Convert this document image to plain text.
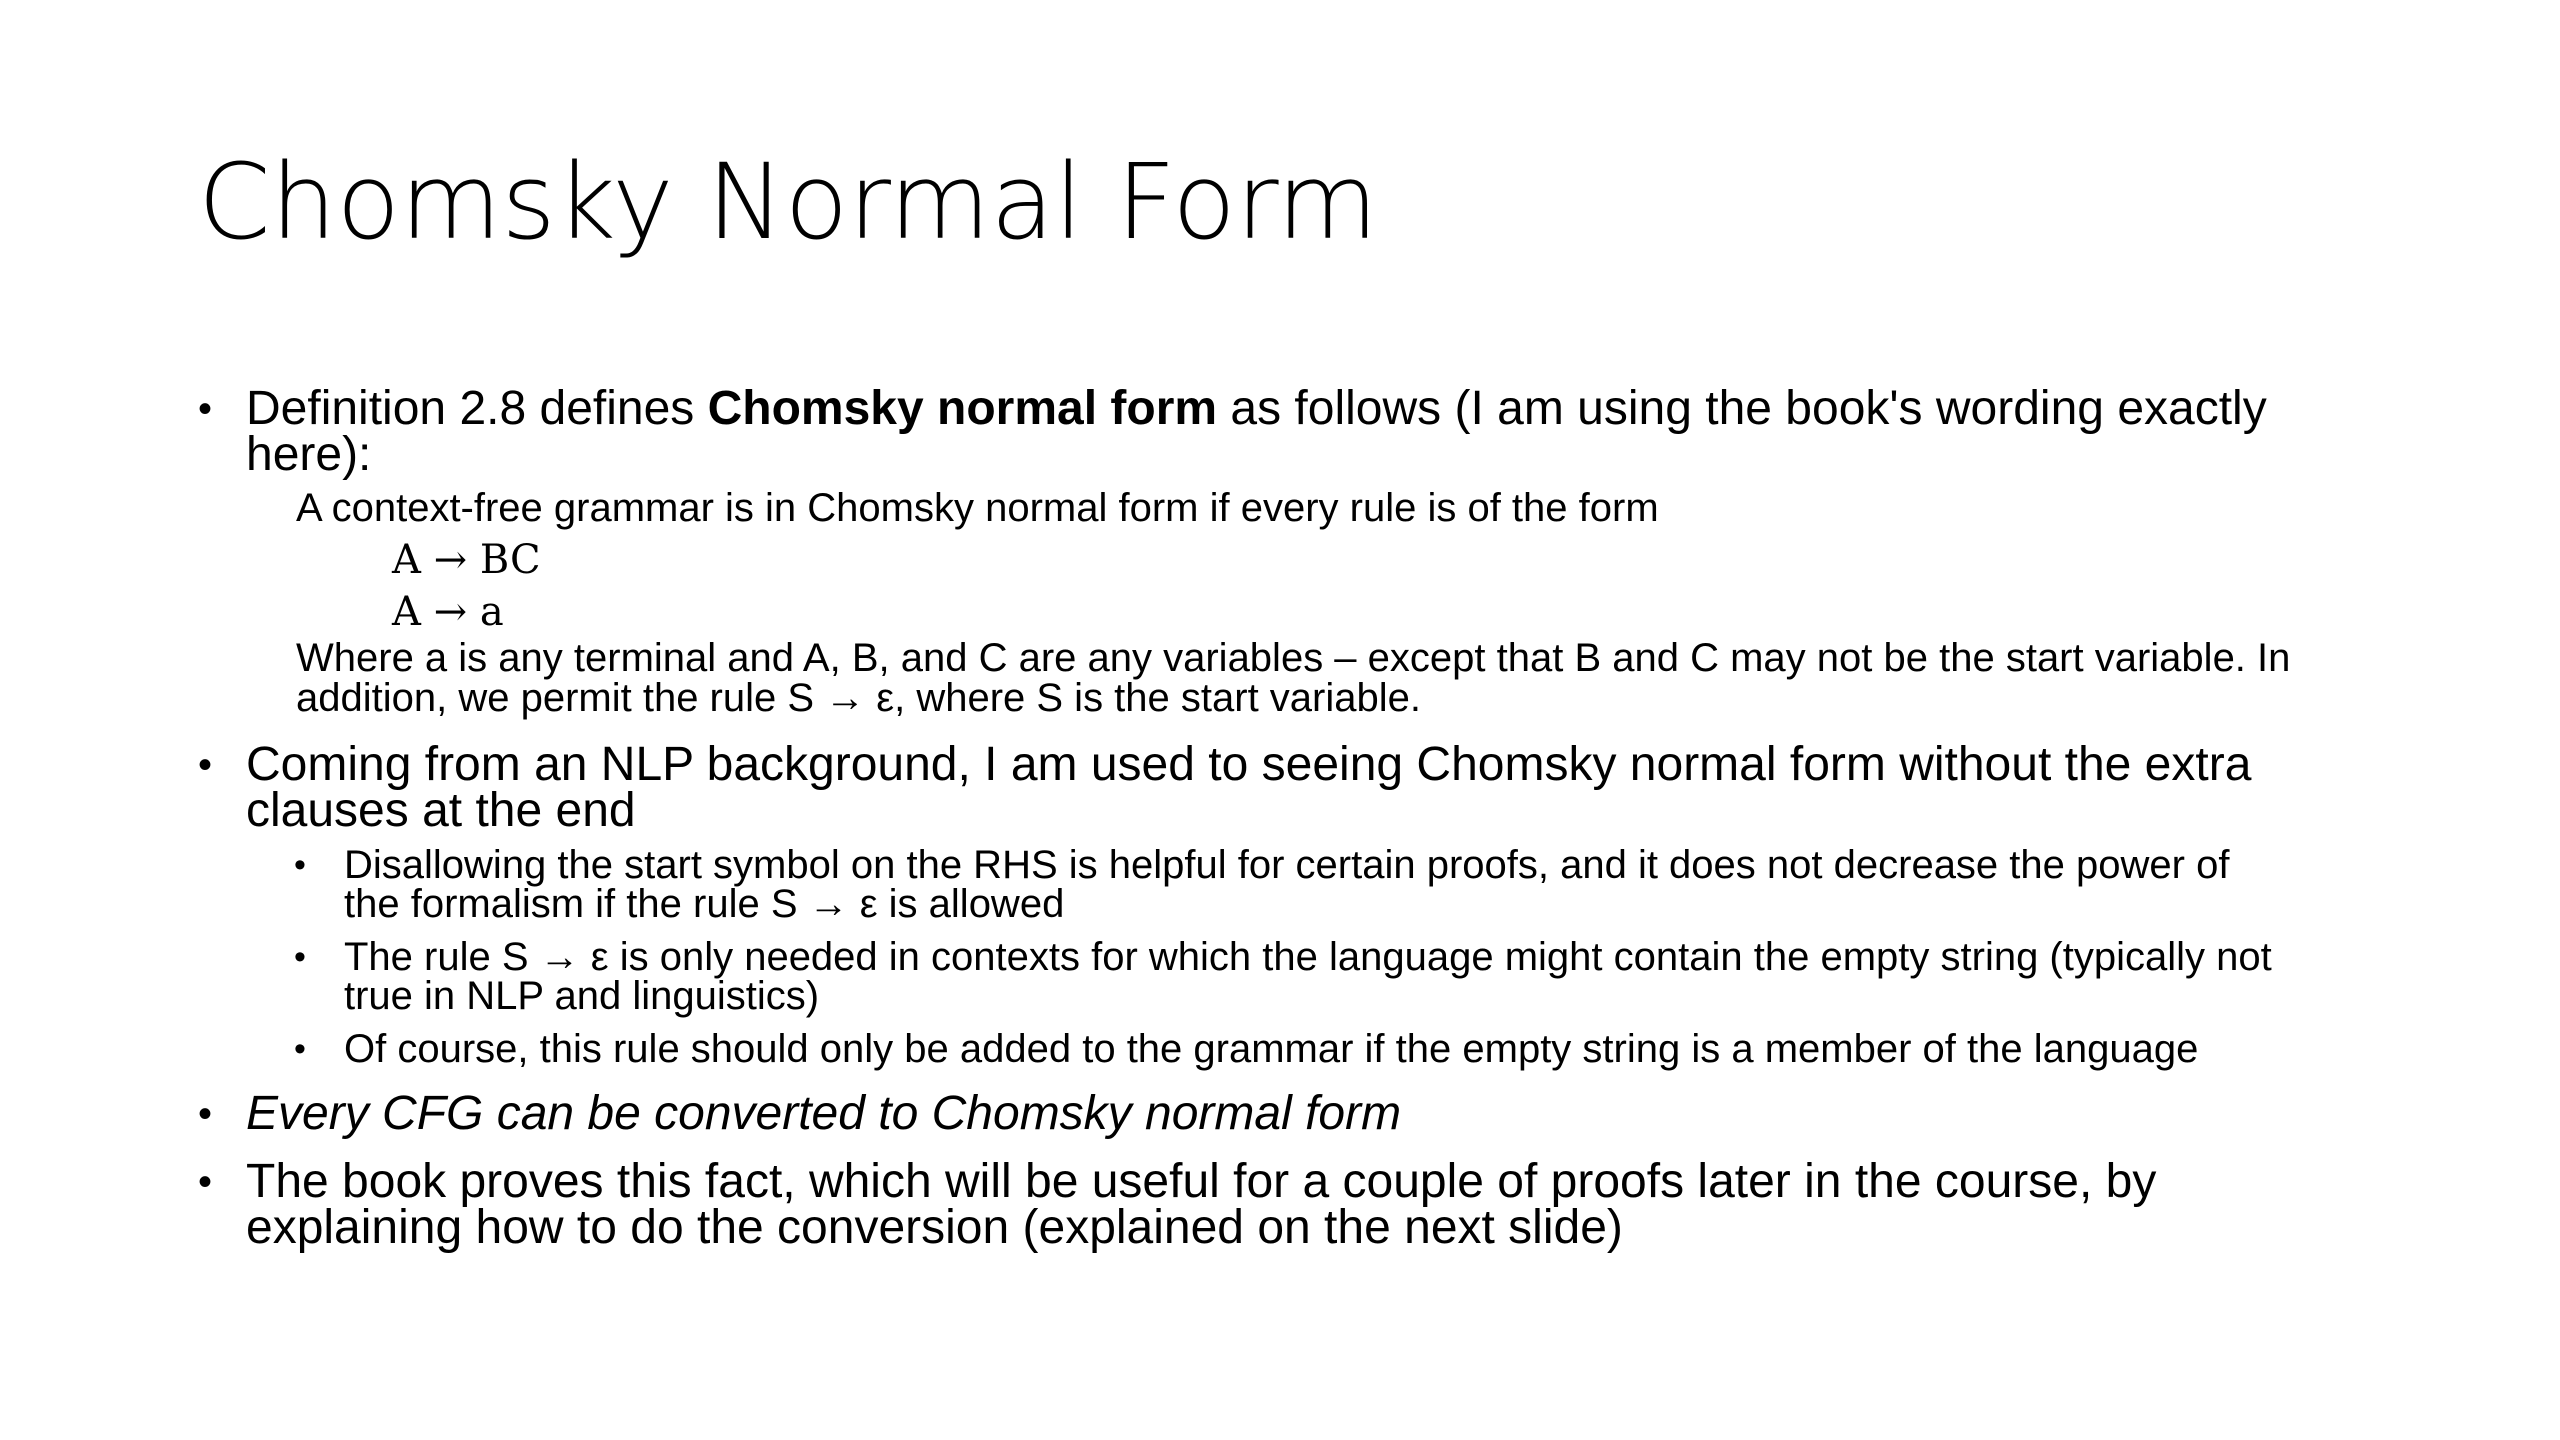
Chomsky Normal Form
• Definition 2.8 defines Chomsky normal form as follows (I am using the book's wording exactly
here):
A context-free grammar is in Chomsky normal form if every rule is of the form
A → BC
A → a
Where a is any terminal and A, B, and C are any variables – except that B and C may not be the start variable. In
addition, we permit the rule S → ε, where S is the start variable.
• Coming from an NLP background, I am used to seeing Chomsky normal form without the extra
clauses at the end
• Disallowing the start symbol on the RHS is helpful for certain proofs, and it does not decrease the power of
the formalism if the rule S → ε is allowed
• The rule S → ε is only needed in contexts for which the language might contain the empty string (typically not
true in NLP and linguistics)
• Of course, this rule should only be added to the grammar if the empty string is a member of the language
• Every CFG can be converted to Chomsky normal form
• The book proves this fact, which will be useful for a couple of proofs later in the course, by
explaining how to do the conversion (explained on the next slide)
